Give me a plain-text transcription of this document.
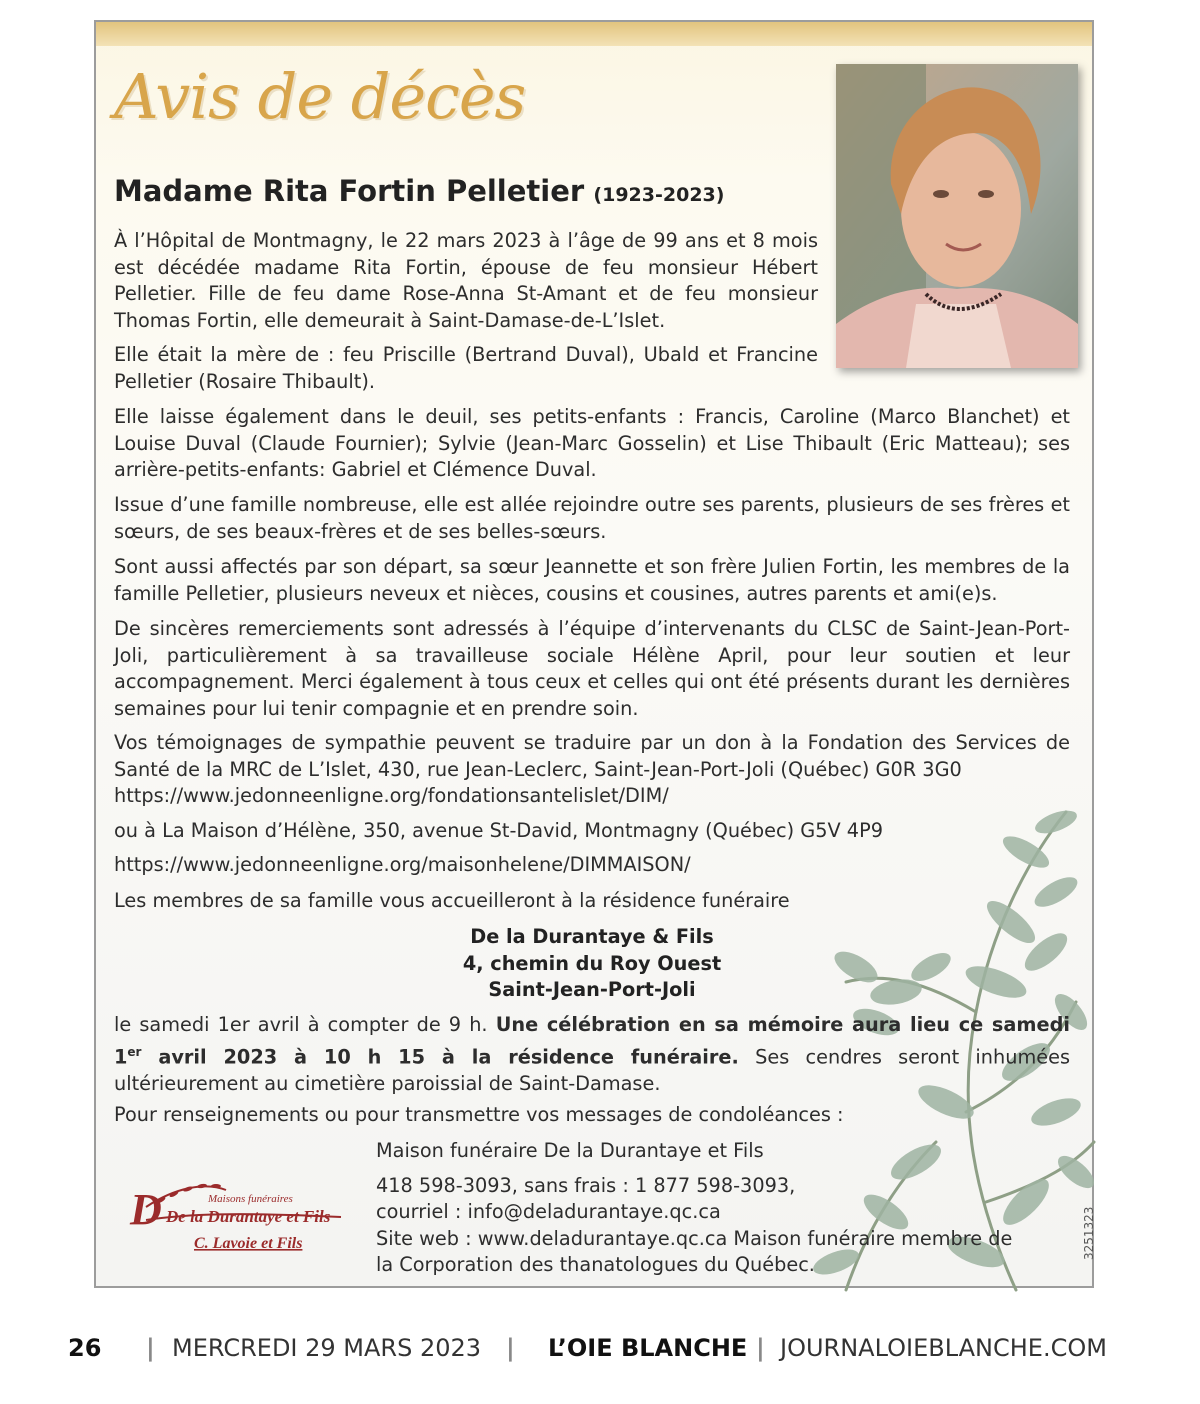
Avis de décès
Madame Rita Fortin Pelletier (1923-2023)

À l’Hôpital de Montmagny, le 22 mars 2023 à l’âge de 99 ans et 8 mois est décédée madame Rita Fortin, épouse de feu monsieur Hébert Pelletier. Fille de feu dame Rose-Anna St-Amant et de feu monsieur Thomas Fortin, elle demeurait à Saint-Damase-de-L’Islet.

Elle était la mère de : feu Priscille (Bertrand Duval), Ubald et Francine Pelletier (Rosaire Thibault).

Elle laisse également dans le deuil, ses petits-enfants : Francis, Caroline (Marco Blanchet) et Louise Duval (Claude Fournier); Sylvie (Jean-Marc Gosselin) et Lise Thibault (Eric Matteau); ses arrière-petits-enfants: Gabriel et Clémence Duval.

Issue d’une famille nombreuse, elle est allée rejoindre outre ses parents, plusieurs de ses frères et sœurs, de ses beaux-frères et de ses belles-sœurs.

Sont aussi affectés par son départ, sa sœur Jeannette et son frère Julien Fortin, les membres de la famille Pelletier, plusieurs neveux et nièces, cousins et cousines, autres parents et ami(e)s.

De sincères remerciements sont adressés à l’équipe d’intervenants du CLSC de Saint-Jean-Port-Joli, particulièrement à sa travailleuse sociale Hélène April, pour leur soutien et leur accompagnement. Merci également à tous ceux et celles qui ont été présents durant les dernières semaines pour lui tenir compagnie et en prendre soin.

Vos témoignages de sympathie peuvent se traduire par un don à la Fondation des Services de Santé de la MRC de L’Islet, 430, rue Jean-Leclerc, Saint-Jean-Port-Joli (Québec) G0R 3G0

https://www.jedonneenligne.org/fondationsantelislet/DIM/

ou à La Maison d’Hélène, 350, avenue St-David, Montmagny (Québec) G5V 4P9

https://www.jedonneenligne.org/maisonhelene/DIMMAISON/

Les membres de sa famille vous accueilleront à la résidence funéraire

De la Durantaye & Fils
4, chemin du Roy Ouest
Saint-Jean-Port-Joli

le samedi 1er avril à compter de 9 h. Une célébration en sa mémoire aura lieu ce samedi 1er avril 2023 à 10 h 15 à la résidence funéraire. Ses cendres seront inhumées ultérieurement au cimetière paroissial de Saint-Damase.

Pour renseignements ou pour transmettre vos messages de condoléances :

D	Maisons funéraires
De la Durantaye et Fils
C. Lavoie et Fils
Maison funéraire De la Durantaye et Fils
418 598-3093, sans frais : 1 877 598-3093,
courriel : info@deladurantaye.qc.ca
Site web : www.deladurantaye.qc.ca Maison funéraire membre de
la Corporation des thanatologues du Québec.
3251323
26 | MERCREDI 29 MARS 2023 | L’OIE BLANCHE | JOURNALOIEBLANCHE.COM
